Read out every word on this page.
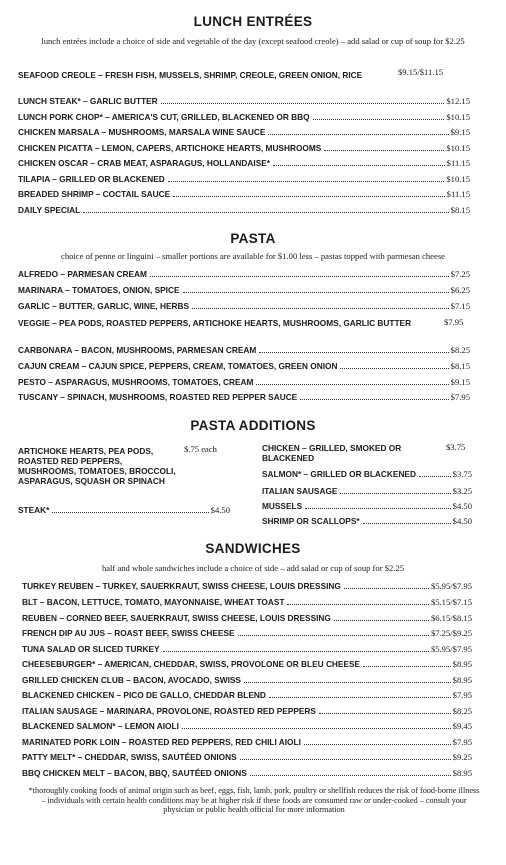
LUNCH ENTRÉES
lunch entrées include a choice of side and vegetable of the day (except seafood creole) – add salad or cup of soup for $2.25
SEAFOOD CREOLE – FRESH FISH, MUSSELS, SHRIMP, CREOLE, GREEN ONION, RICE	$9.15/$11.15
LUNCH STEAK* – GARLIC BUTTER	$12.15
LUNCH PORK CHOP* – AMERICA'S CUT, GRILLED, BLACKENED OR BBQ	$10.15
CHICKEN MARSALA – MUSHROOMS, MARSALA WINE SAUCE	$9.15
CHICKEN PICATTA – LEMON, CAPERS, ARTICHOKE HEARTS, MUSHROOMS	$10.15
CHICKEN OSCAR – CRAB MEAT, ASPARAGUS, HOLLANDAISE*	$11.15
TILAPIA – GRILLED OR BLACKENED	$10.15
BREADED SHRIMP – COCTAIL SAUCE	$11.15
DAILY SPECIAL	$8.15
PASTA
choice of penne or linguini – smaller portions are available for $1.00 less – pastas topped with parmesan cheese
ALFREDO – PARMESAN CREAM	$7.25
MARINARA – TOMATOES, ONION, SPICE	$6.25
GARLIC – BUTTER, GARLIC, WINE, HERBS	$7.15
VEGGIE – PEA PODS, ROASTED PEPPERS, ARTICHOKE HEARTS, MUSHROOMS, GARLIC BUTTER	$7.95
CARBONARA – BACON, MUSHROOMS, PARMESAN CREAM	$8.25
CAJUN CREAM – CAJUN SPICE, PEPPERS, CREAM, TOMATOES, GREEN ONION	$8.15
PESTO – ASPARAGUS, MUSHROOMS, TOMATOES, CREAM	$9.15
TUSCANY – SPINACH, MUSHROOMS, ROASTED RED PEPPER SAUCE	$7.95
PASTA ADDITIONS
ARTICHOKE HEARTS, PEA PODS, ROASTED RED PEPPERS, MUSHROOMS, TOMATOES, BROCCOLI, ASPARAGUS, SQUASH OR SPINACH
$.75 each
STEAK*	$4.50
CHICKEN – GRILLED, SMOKED OR BLACKENED
$3.75
SALMON* – GRILLED OR BLACKENED	$3.75
ITALIAN SAUSAGE	$3.25
MUSSELS	$4.50
SHRIMP OR SCALLOPS*	$4.50
SANDWICHES
half and whole sandwiches include a choice of side – add salad or cup of soup for $2.25
TURKEY REUBEN – TURKEY, SAUERKRAUT, SWISS CHEESE, LOUIS DRESSING	$5.95/$7.95
BLT – BACON, LETTUCE, TOMATO, MAYONNAISE, WHEAT TOAST	$5.15/$7.15
REUBEN – CORNED BEEF, SAUERKRAUT, SWISS CHEESE, LOUIS DRESSING	$6.15/$8.15
FRENCH DIP AU JUS – ROAST BEEF, SWISS CHEESE	$7.25/$9.25
TUNA SALAD OR SLICED TURKEY	$5.95/$7.95
CHEESEBURGER* – AMERICAN, CHEDDAR, SWISS, PROVOLONE OR BLEU CHEESE	$8.95
GRILLED CHICKEN CLUB – BACON, AVOCADO, SWISS	$8.95
BLACKENED CHICKEN – PICO DE GALLO, CHEDDAR BLEND	$7.95
ITALIAN SAUSAGE – MARINARA, PROVOLONE, ROASTED RED PEPPERS	$8.25
BLACKENED SALMON* – LEMON AIOLI	$9.45
MARINATED PORK LOIN – ROASTED RED PEPPERS, RED CHILI AIOLI	$7.95
PATTY MELT* – CHEDDAR, SWISS, SAUTÉED ONIONS	$9.25
BBQ CHICKEN MELT – BACON, BBQ, SAUTÉED ONIONS	$8.95
*thoroughly cooking foods of animal origin such as beef, eggs, fish, lamb, pork, poultry or shellfish reduces the risk of food-borne illness – individuals with certain health conditions may be at higher risk if these foods are consumed raw or under-cooked – consult your physician or public health official for more information
